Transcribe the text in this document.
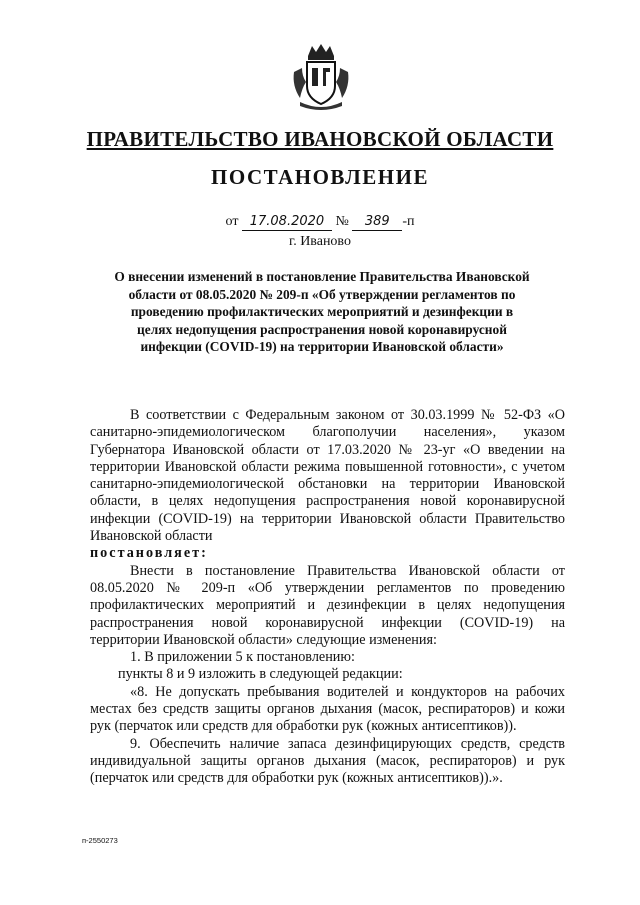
ПРАВИТЕЛЬСТВО ИВАНОВСКОЙ ОБЛАСТИ
ПОСТАНОВЛЕНИЕ
от 17.08.2020 № 389 -п
г. Иваново
О внесении изменений в постановление Правительства Ивановской области от 08.05.2020 № 209-п «Об утверждении регламентов по проведению профилактических мероприятий и дезинфекции в целях недопущения распространения новой коронавирусной инфекции (COVID-19) на территории Ивановской области»

В соответствии с Федеральным законом от 30.03.1999 № 52-ФЗ «О санитарно-эпидемиологическом благополучии населения», указом Губернатора Ивановской области от 17.03.2020 № 23-уг «О введении на территории Ивановской области режима повышенной готовности», с учетом санитарно-эпидемиологической обстановки на территории Ивановской области, в целях недопущения распространения новой коронавирусной инфекции (COVID-19) на территории Ивановской области Правительство Ивановской области

постановляет:

Внести в постановление Правительства Ивановской области от 08.05.2020 № 209-п «Об утверждении регламентов по проведению профилактических мероприятий и дезинфекции в целях недопущения распространения новой коронавирусной инфекции (COVID-19) на территории Ивановской области» следующие изменения:

1. В приложении 5 к постановлению:

пункты 8 и 9 изложить в следующей редакции:

«8. Не допускать пребывания водителей и кондукторов на рабочих местах без средств защиты органов дыхания (масок, респираторов) и кожи рук (перчаток или средств для обработки рук (кожных антисептиков)).

9. Обеспечить наличие запаса дезинфицирующих средств, средств индивидуальной защиты органов дыхания (масок, респираторов) и рук (перчаток или средств для обработки рук (кожных антисептиков)).».

п-2550273
